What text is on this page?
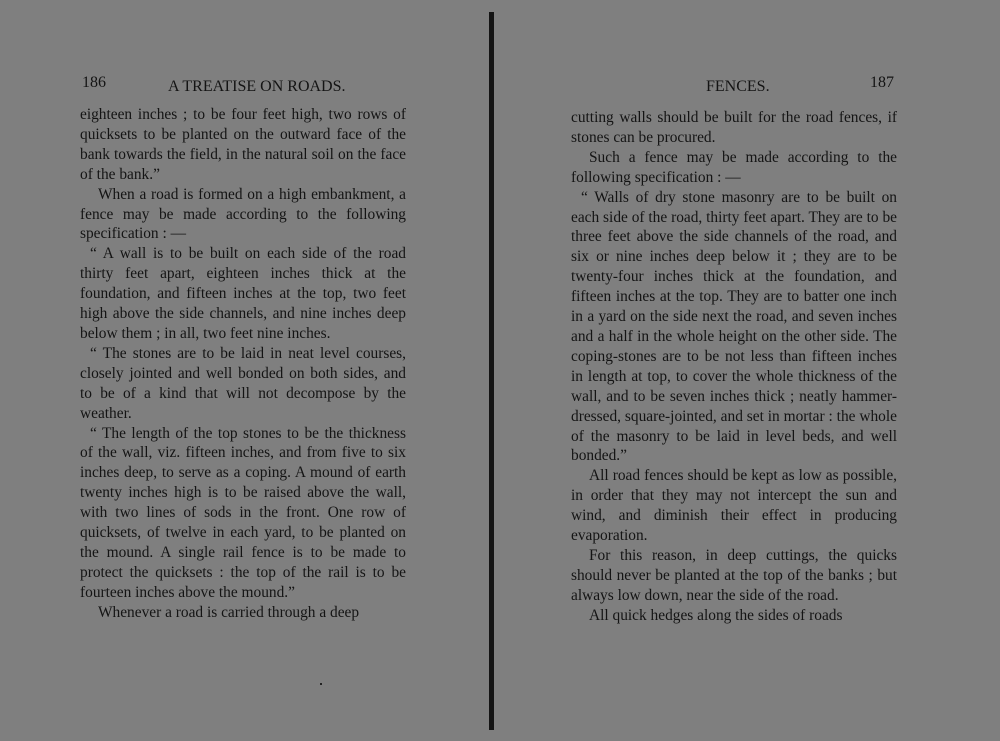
186	A TREATISE ON ROADS.

eighteen inches ; to be four feet high, two rows of quicksets to be planted on the outward face of the bank towards the field, in the natural soil on the face of the bank.”

When a road is formed on a high embankment, a fence may be made according to the following specification : —

“ A wall is to be built on each side of the road thirty feet apart, eighteen inches thick at the foundation, and fifteen inches at the top, two feet high above the side channels, and nine inches deep below them ; in all, two feet nine inches.

“ The stones are to be laid in neat level courses, closely jointed and well bonded on both sides, and to be of a kind that will not decompose by the weather.

“ The length of the top stones to be the thickness of the wall, viz. fifteen inches, and from five to six inches deep, to serve as a coping. A mound of earth twenty inches high is to be raised above the wall, with two lines of sods in the front. One row of quicksets, of twelve in each yard, to be planted on the mound. A single rail fence is to be made to protect the quicksets : the top of the rail is to be fourteen inches above the mound.”

Whenever a road is carried through a deep

FENCES.	187

cutting walls should be built for the road fences, if stones can be procured.

Such a fence may be made according to the following specification : —

“ Walls of dry stone masonry are to be built on each side of the road, thirty feet apart. They are to be three feet above the side channels of the road, and six or nine inches deep below it ; they are to be twenty-four inches thick at the foundation, and fifteen inches at the top. They are to batter one inch in a yard on the side next the road, and seven inches and a half in the whole height on the other side. The coping-stones are to be not less than fifteen inches in length at top, to cover the whole thickness of the wall, and to be seven inches thick ; neatly hammer-dressed, square-jointed, and set in mortar : the whole of the masonry to be laid in level beds, and well bonded.”

All road fences should be kept as low as possible, in order that they may not intercept the sun and wind, and diminish their effect in producing evaporation.

For this reason, in deep cuttings, the quicks should never be planted at the top of the banks ; but always low down, near the side of the road.

All quick hedges along the sides of roads
